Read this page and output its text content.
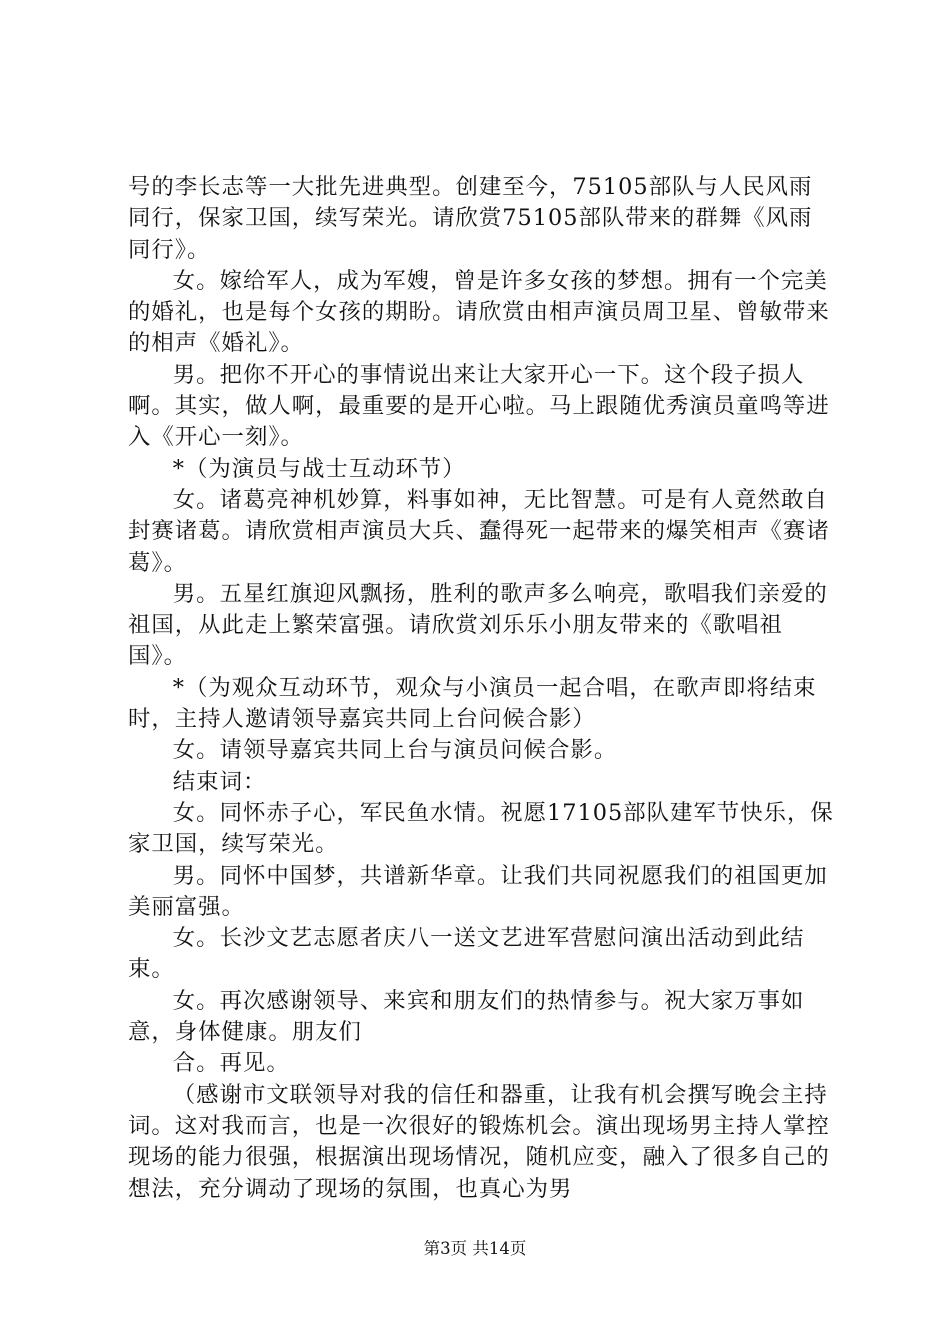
号的李长志等一大批先进典型。创建至今，75105部队与人民风雨同行，保家卫国，续写荣光。请欣赏75105部队带来的群舞《风雨同行》。

女。嫁给军人，成为军嫂，曾是许多女孩的梦想。拥有一个完美的婚礼，也是每个女孩的期盼。请欣赏由相声演员周卫星、曾敏带来的相声《婚礼》。

男。把你不开心的事情说出来让大家开心一下。这个段子损人啊。其实，做人啊，最重要的是开心啦。马上跟随优秀演员童鸣等进入《开心一刻》。

*（为演员与战士互动环节）

女。诸葛亮神机妙算，料事如神，无比智慧。可是有人竟然敢自封赛诸葛。请欣赏相声演员大兵、蠢得死一起带来的爆笑相声《赛诸葛》。

男。五星红旗迎风飘扬，胜利的歌声多么响亮，歌唱我们亲爱的祖国，从此走上繁荣富强。请欣赏刘乐乐小朋友带来的《歌唱祖国》。

*（为观众互动环节，观众与小演员一起合唱，在歌声即将结束时，主持人邀请领导嘉宾共同上台问候合影）

女。请领导嘉宾共同上台与演员问候合影。

结束词：

女。同怀赤子心，军民鱼水情。祝愿17105部队建军节快乐，保家卫国，续写荣光。

男。同怀中国梦，共谱新华章。让我们共同祝愿我们的祖国更加美丽富强。

女。长沙文艺志愿者庆八一送文艺进军营慰问演出活动到此结束。

女。再次感谢领导、来宾和朋友们的热情参与。祝大家万事如意，身体健康。朋友们

合。再见。

（感谢市文联领导对我的信任和器重，让我有机会撰写晚会主持词。这对我而言，也是一次很好的锻炼机会。演出现场男主持人掌控现场的能力很强，根据演出现场情况，随机应变，融入了很多自己的想法，充分调动了现场的氛围，也真心为男

第3页 共14页
